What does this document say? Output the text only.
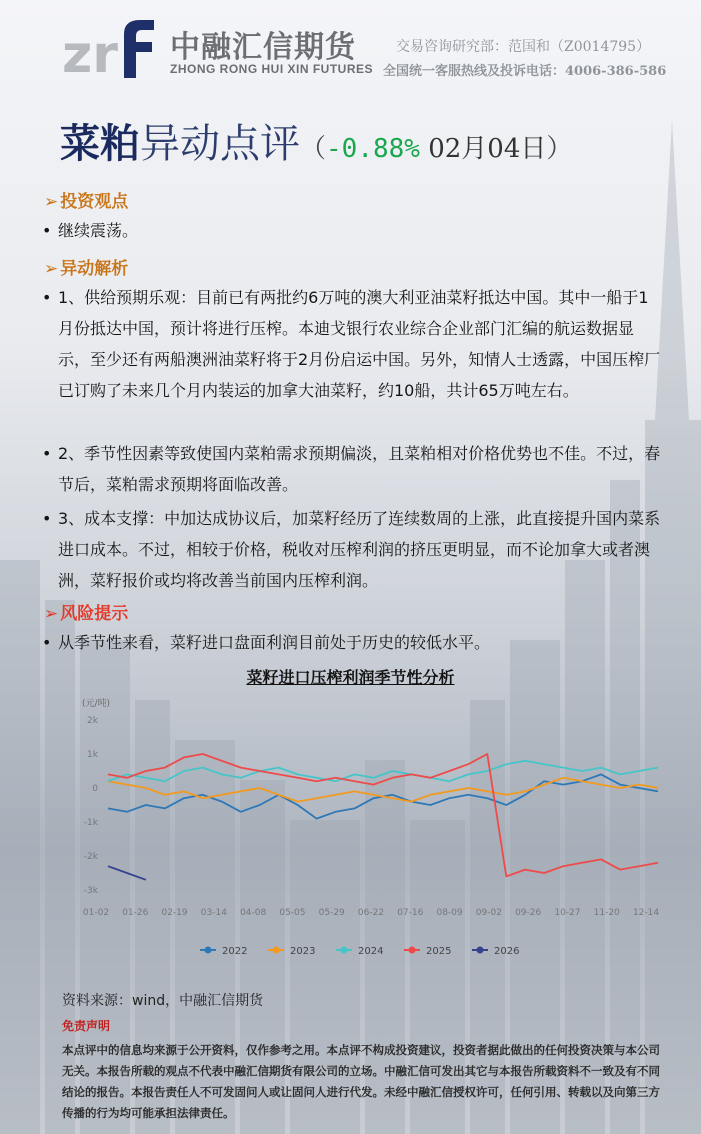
zr 中融汇信期货
ZHONG RONG HUI XIN FUTURES
交易咨询研究部：范国和（Z0014795）
全国统一客服热线及投诉电话：4006-386-586
菜粕异动点评（-0.88% 02月04日）
➢ 投资观点
• 继续震荡。
➢ 异动解析
• 1、供给预期乐观：目前已有两批约6万吨的澳大利亚油菜籽抵达中国。其中一船于1月份抵达中国，预计将进行压榨。本迪戈银行农业综合企业部门汇编的航运数据显示，至少还有两船澳洲油菜籽将于2月份启运中国。另外，知情人士透露，中国压榨厂已订购了未来几个月内装运的加拿大油菜籽，约10船，共计65万吨左右。
• 2、季节性因素等致使国内菜粕需求预期偏淡，且菜粕相对价格优势也不佳。不过，春节后，菜粕需求预期将面临改善。
• 3、成本支撑：中加达成协议后，加菜籽经历了连续数周的上涨，此直接提升国内菜系进口成本。不过，相较于价格，税收对压榨利润的挤压更明显，而不论加拿大或者澳洲，菜籽报价或均将改善当前国内压榨利润。
➢ 风险提示
• 从季节性来看，菜籽进口盘面利润目前处于历史的较低水平。
菜籽进口压榨利润季节性分析
(元/吨)
2k
1k
0
-1k
-2k
-3k
01-02 01-26 02-19 03-14 04-08 05-05 05-29 06-22 07-16 08-09 09-02 09-26 10-27 11-20 12-14
2022	2023	2024	2025	2026
资料来源：wind，中融汇信期货
免责声明
本点评中的信息均来源于公开资料，仅作参考之用。本点评不构成投资建议，投资者据此做出的任何投资决策与本公司无关。本报告所载的观点不代表中融汇信期货有限公司的立场。中融汇信可发出其它与本报告所载资料不一致及有不同结论的报告。本报告责任人不可发固问人或让固问人进行代发。未经中融汇信授权许可，任何引用、转载以及向第三方传播的行为均可能承担法律责任。
